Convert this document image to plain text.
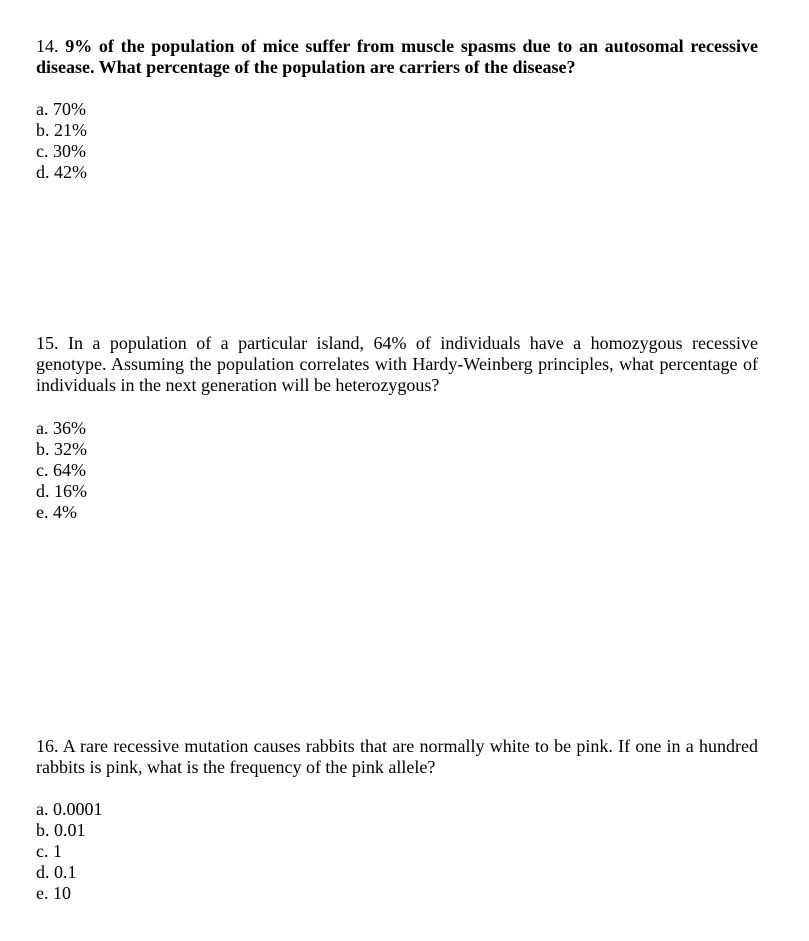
14. 9% of the population of mice suffer from muscle spasms due to an autosomal recessive disease. What percentage of the population are carriers of the disease?

a. 70%
b. 21%
c. 30%
d. 42%

15. In a population of a particular island, 64% of individuals have a homozygous recessive genotype. Assuming the population correlates with Hardy-Weinberg principles, what percentage of individuals in the next generation will be heterozygous?

a. 36%
b. 32%
c. 64%
d. 16%
e. 4%

16. A rare recessive mutation causes rabbits that are normally white to be pink. If one in a hundred rabbits is pink, what is the frequency of the pink allele?

a. 0.0001
b. 0.01
c. 1
d. 0.1
e. 10
